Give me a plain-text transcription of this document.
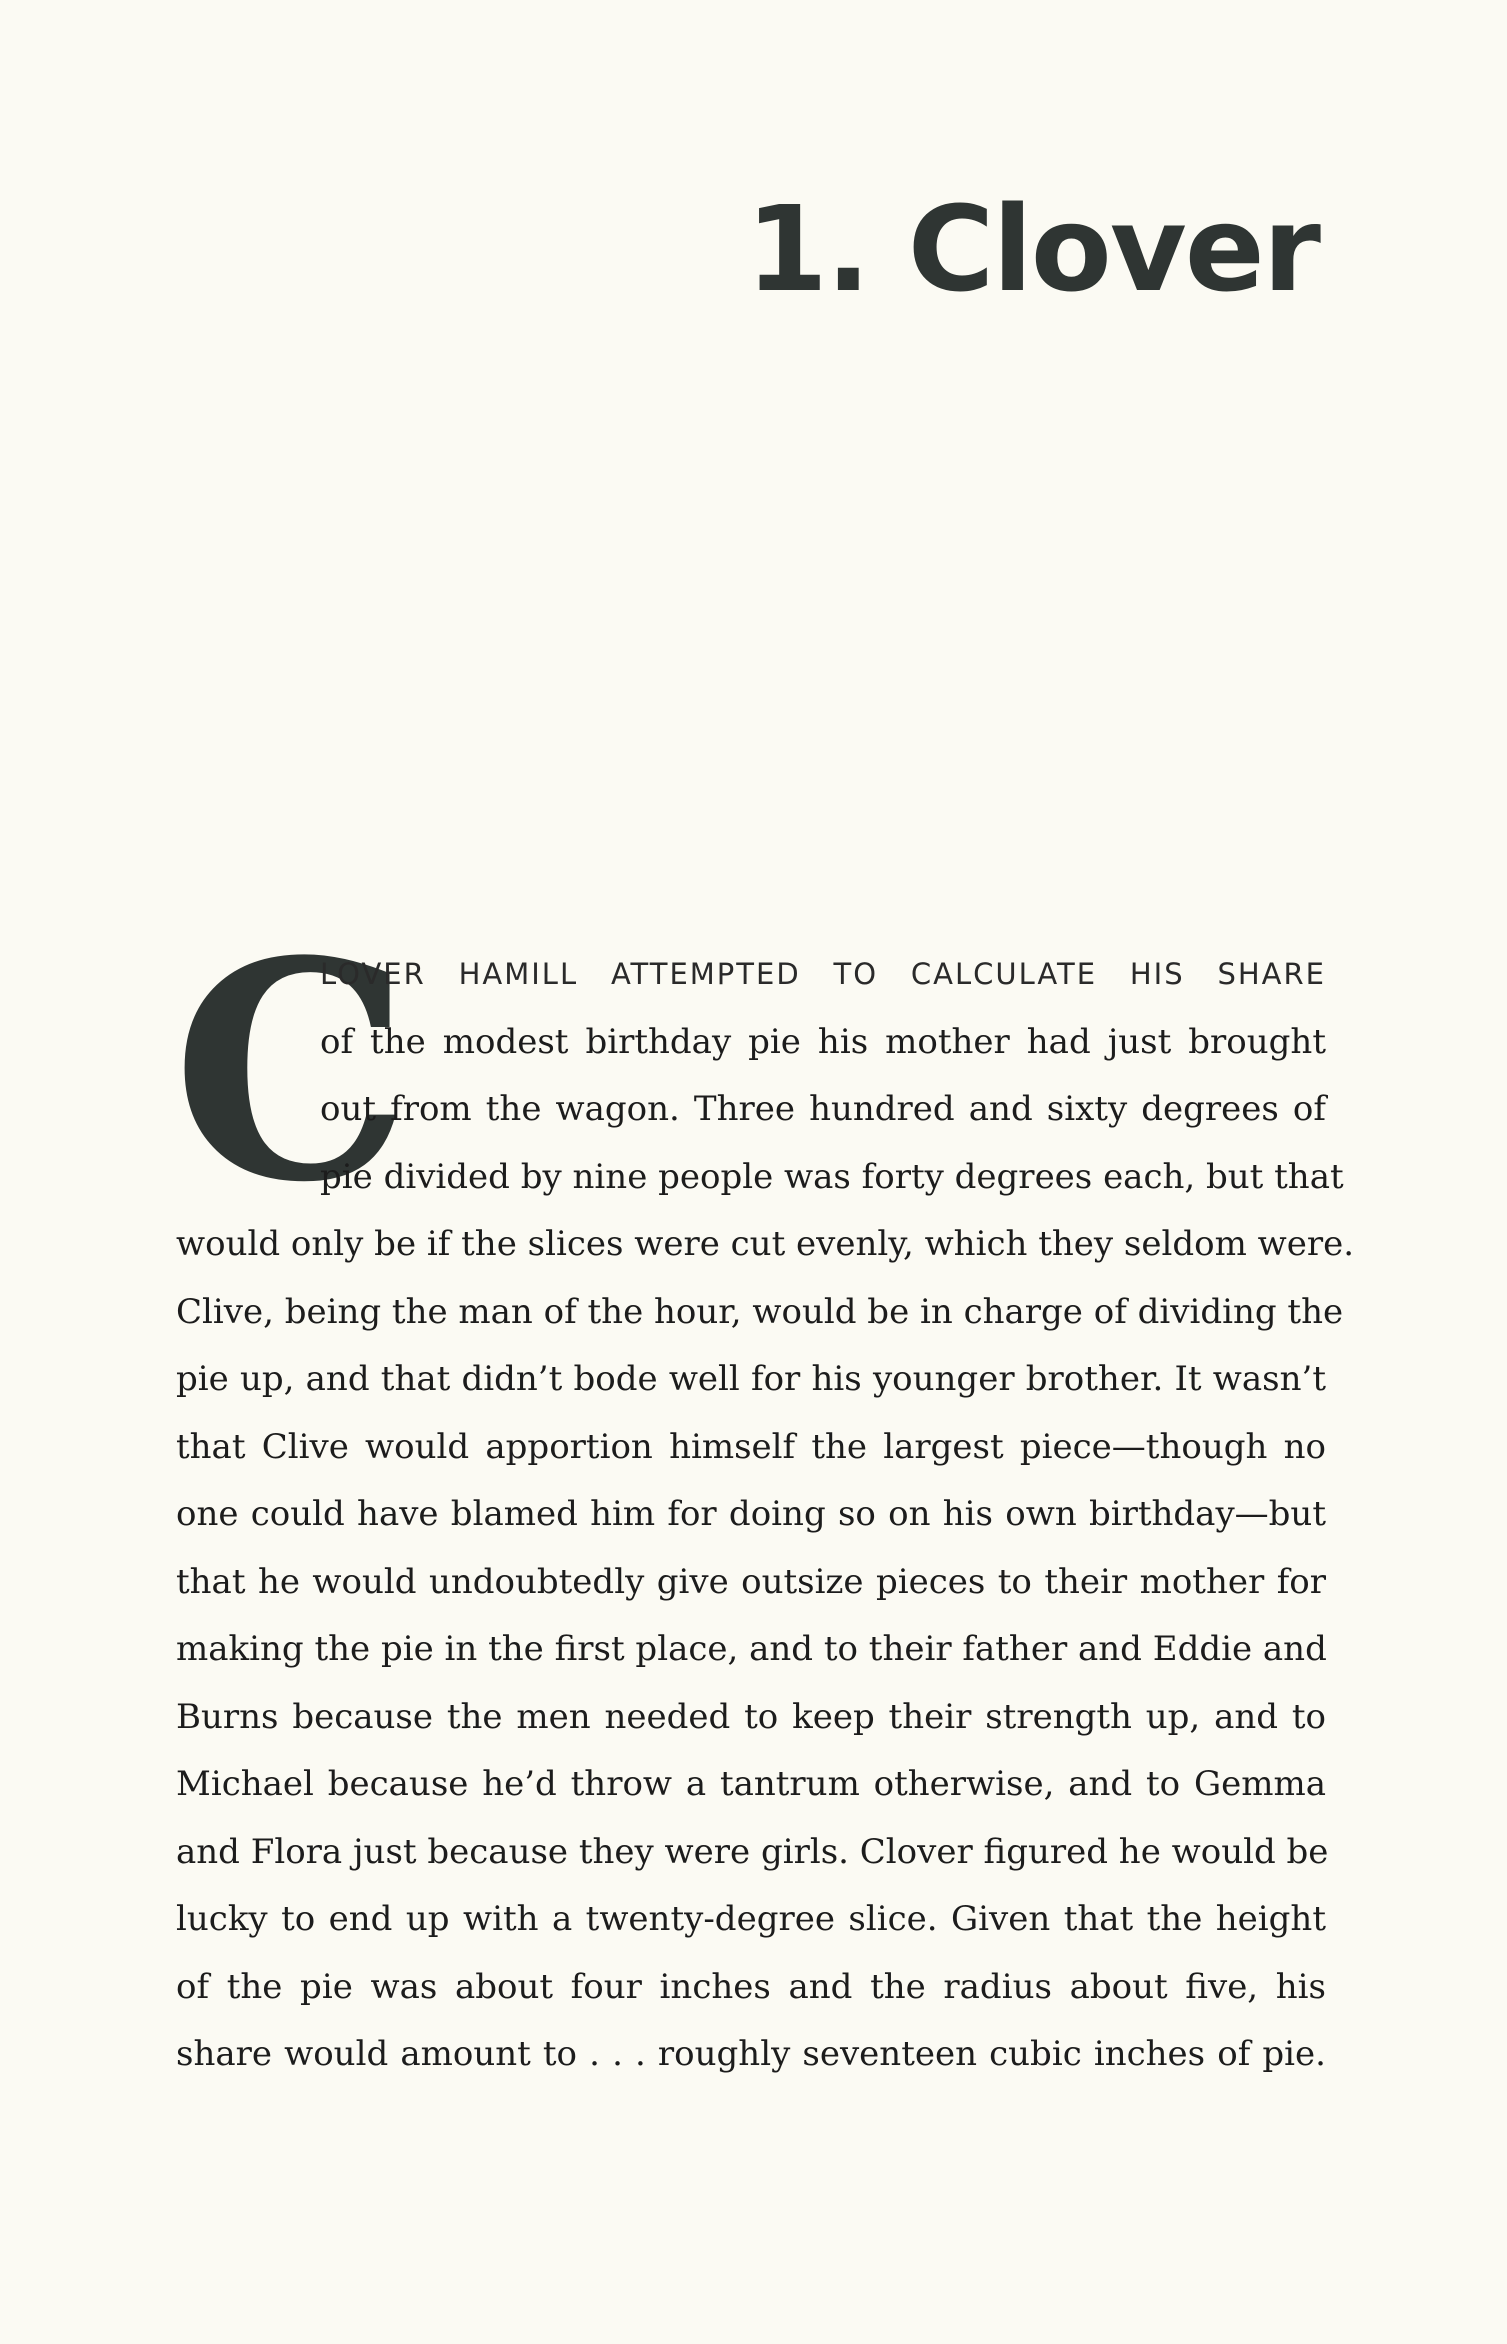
1. Clover
C
LOVER HAMILL ATTEMPTED TO CALCULATE HIS SHARE
of the modest birthday pie his mother had just brought
out from the wagon. Three hundred and sixty degrees of
pie divided by nine people was forty degrees each, but that
would only be if the slices were cut evenly, which they seldom were.
Clive, being the man of the hour, would be in charge of dividing the
pie up, and that didn’t bode well for his younger brother. It wasn’t
that Clive would apportion himself the largest piece—though no
one could have blamed him for doing so on his own birthday—but
that he would undoubtedly give outsize pieces to their mother for
making the pie in the first place, and to their father and Eddie and
Burns because the men needed to keep their strength up, and to
Michael because he’d throw a tantrum otherwise, and to Gemma
and Flora just because they were girls. Clover figured he would be
lucky to end up with a twenty-degree slice. Given that the height
of the pie was about four inches and the radius about five, his
share would amount to . . . roughly seventeen cubic inches of pie.
